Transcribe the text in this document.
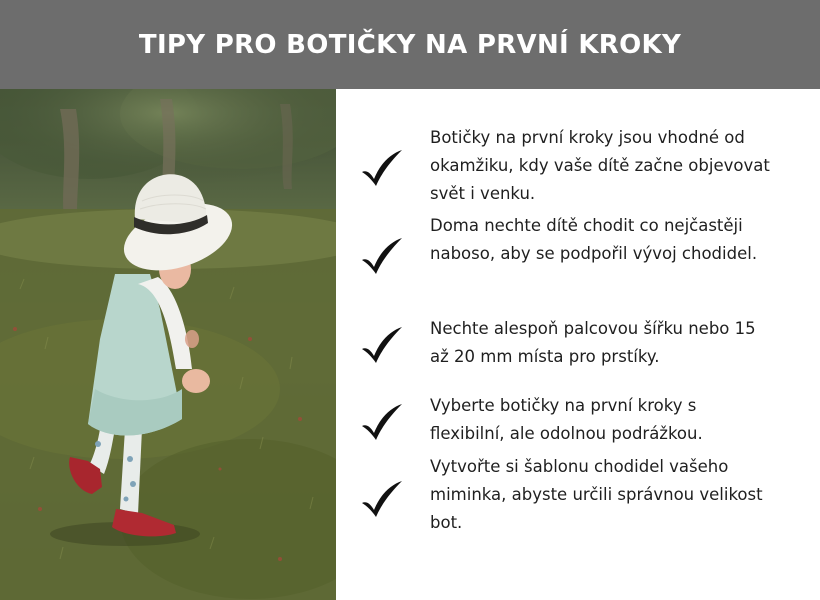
TIPY PRO BOTIČKY NA PRVNÍ KROKY

Botičky na první kroky jsou vhodné od okamžiku, kdy vaše dítě začne objevovat svět i venku.

Doma nechte dítě chodit co nejčastěji naboso, aby se podpořil vývoj chodidel.

Nechte alespoň palcovou šířku nebo 15 až 20 mm místa pro prstíky.

Vyberte botičky na první kroky s flexibilní, ale odolnou podrážkou.

Vytvořte si šablonu chodidel vašeho miminka, abyste určili správnou velikost bot.
